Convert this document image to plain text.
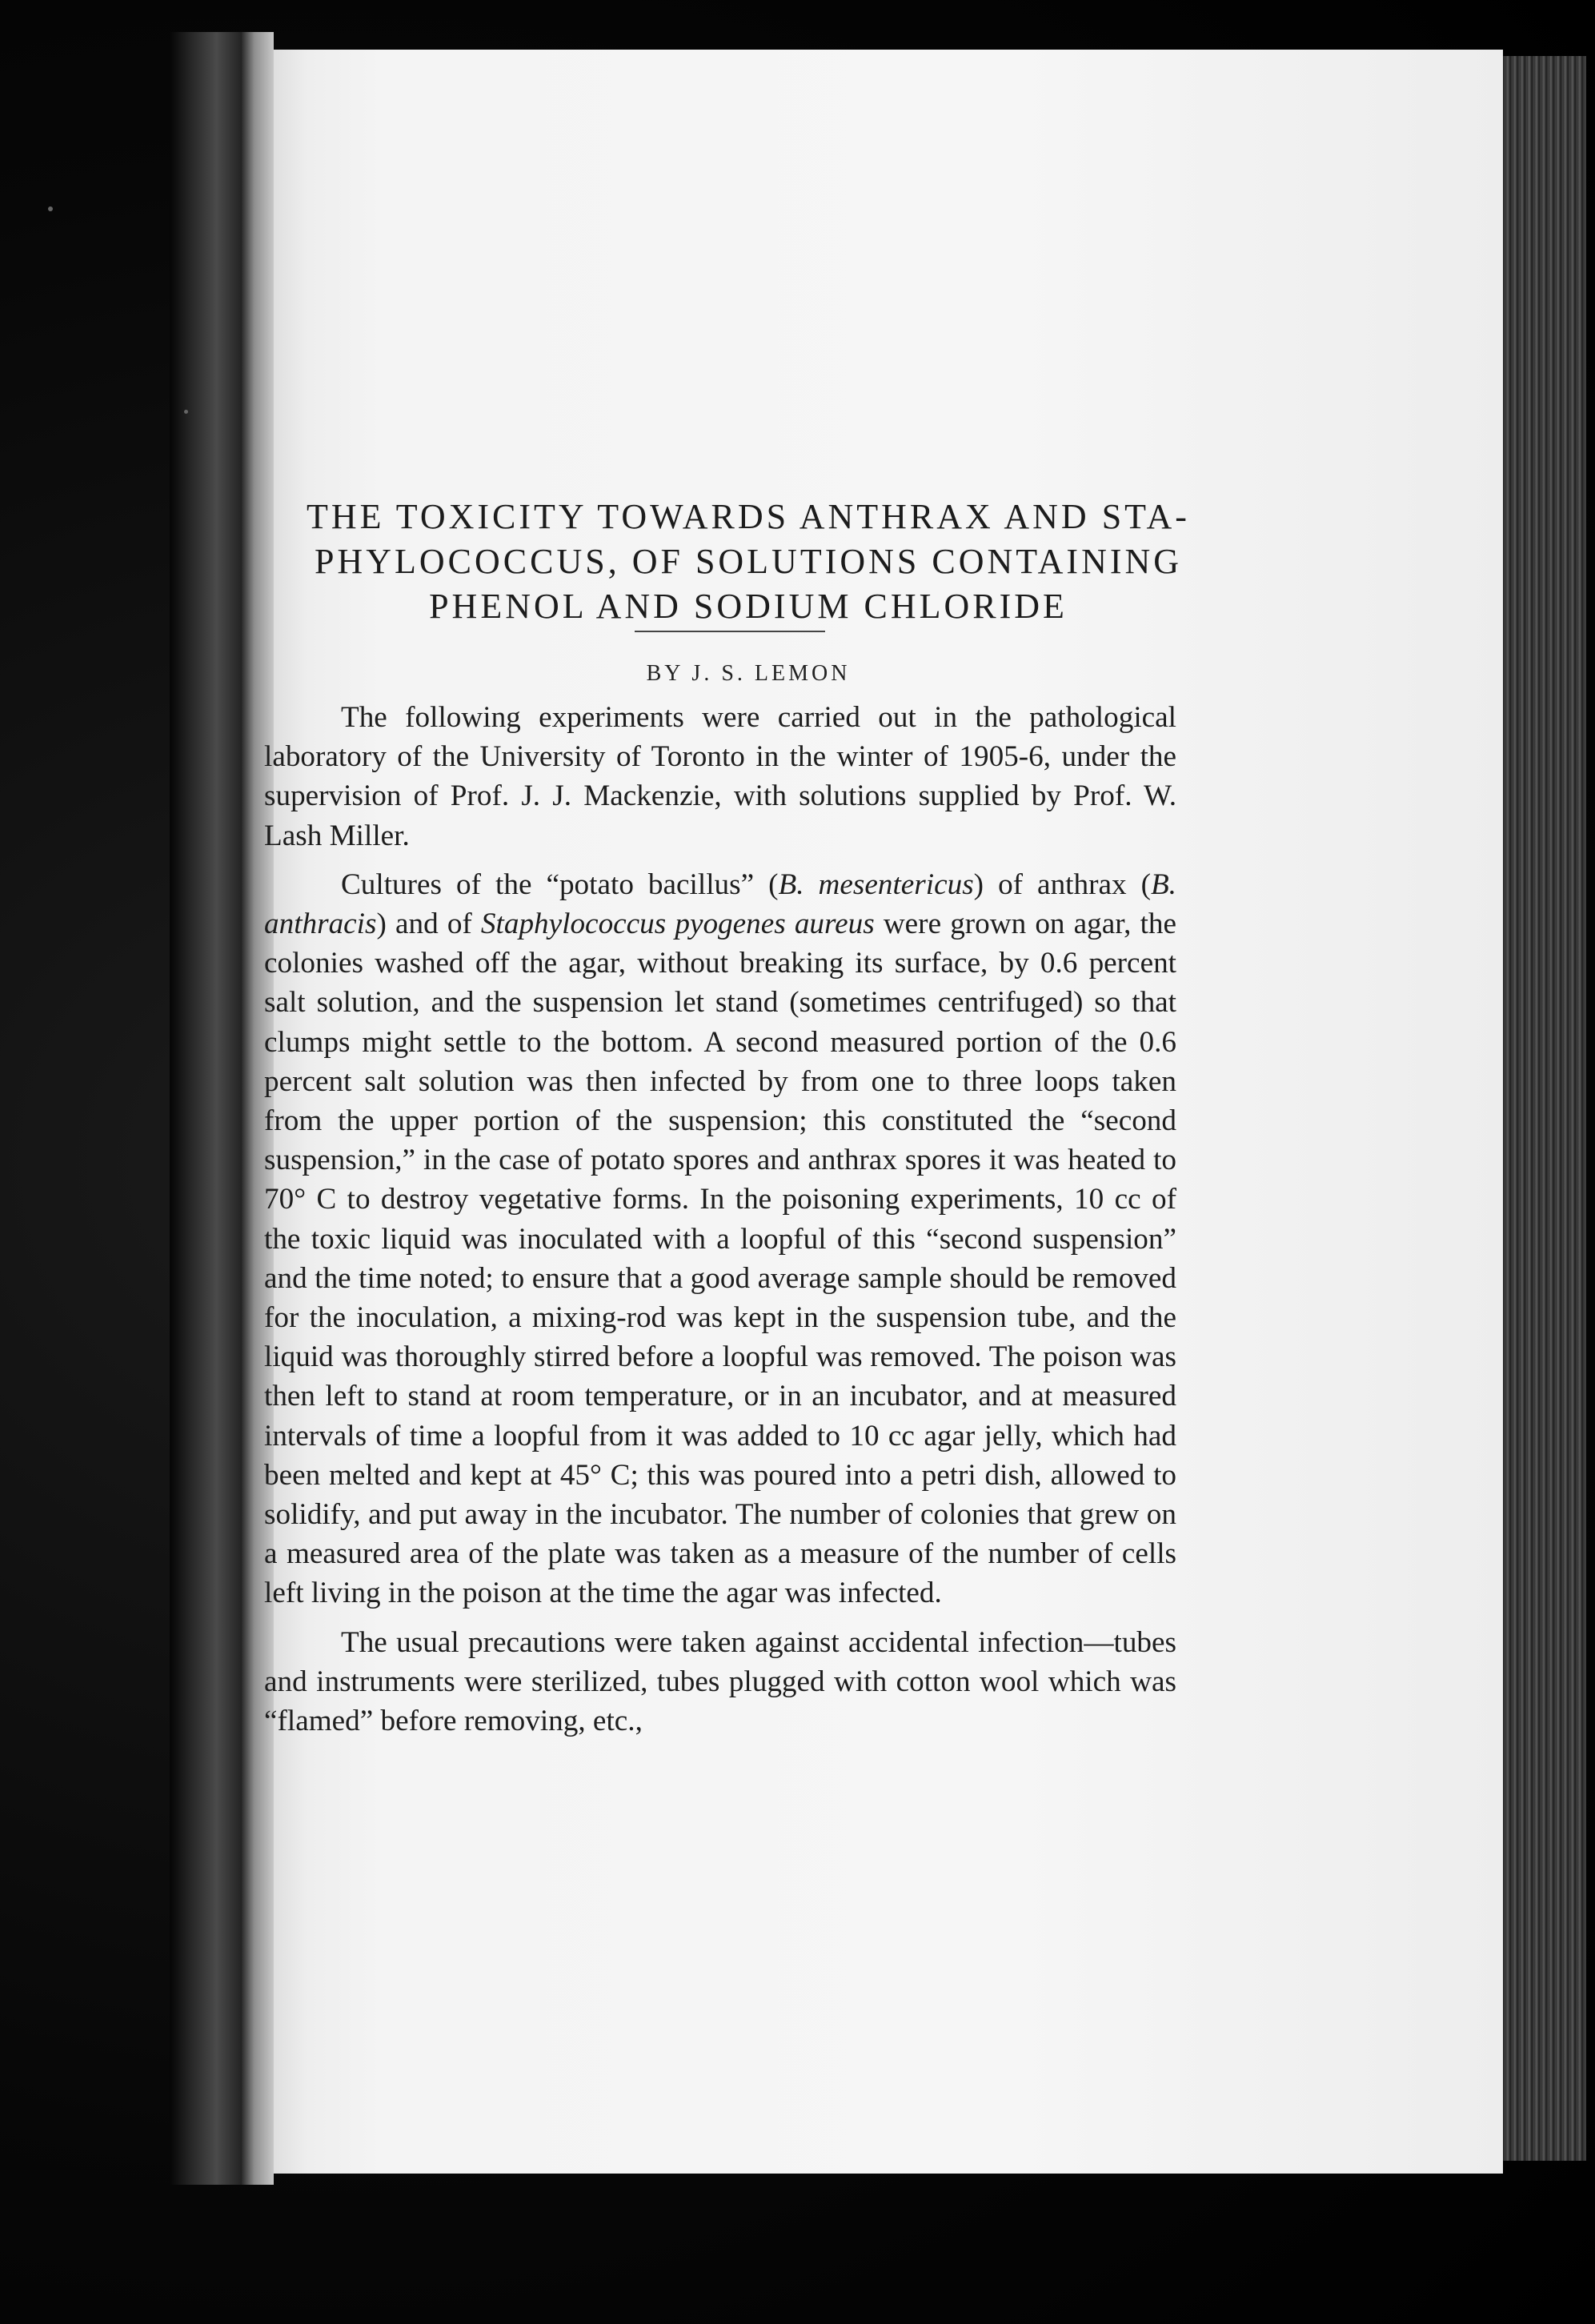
THE TOXICITY TOWARDS ANTHRAX AND STA-
PHYLOCOCCUS, OF SOLUTIONS CONTAINING
PHENOL AND SODIUM CHLORIDE
BY J. S. LEMON

The following experiments were carried out in the pathological laboratory of the University of Toronto in the winter of 1905-6, under the supervision of Prof. J. J. Mackenzie, with solutions supplied by Prof. W. Lash Miller.

Cultures of the “potato bacillus” (B. mesentericus) of anthrax (B. anthracis) and of Staphylococcus pyogenes aureus were grown on agar, the colonies washed off the agar, without breaking its surface, by 0.6 percent salt solution, and the suspension let stand (sometimes centrifuged) so that clumps might settle to the bottom. A second measured portion of the 0.6 percent salt solution was then infected by from one to three loops taken from the upper portion of the suspension; this constituted the “second suspension,” in the case of potato spores and anthrax spores it was heated to 70° C to destroy vegetative forms. In the poisoning experiments, 10 cc of the toxic liquid was inoculated with a loopful of this “second suspension” and the time noted; to ensure that a good average sample should be removed for the inoculation, a mixing-rod was kept in the suspension tube, and the liquid was thoroughly stirred before a loopful was removed. The poison was then left to stand at room temperature, or in an incubator, and at measured intervals of time a loopful from it was added to 10 cc agar jelly, which had been melted and kept at 45° C; this was poured into a petri dish, allowed to solidify, and put away in the incubator. The number of colonies that grew on a measured area of the plate was taken as a measure of the number of cells left living in the poison at the time the agar was infected.

The usual precautions were taken against accidental infection—tubes and instruments were sterilized, tubes plugged with cotton wool which was “flamed” before removing, etc.,
